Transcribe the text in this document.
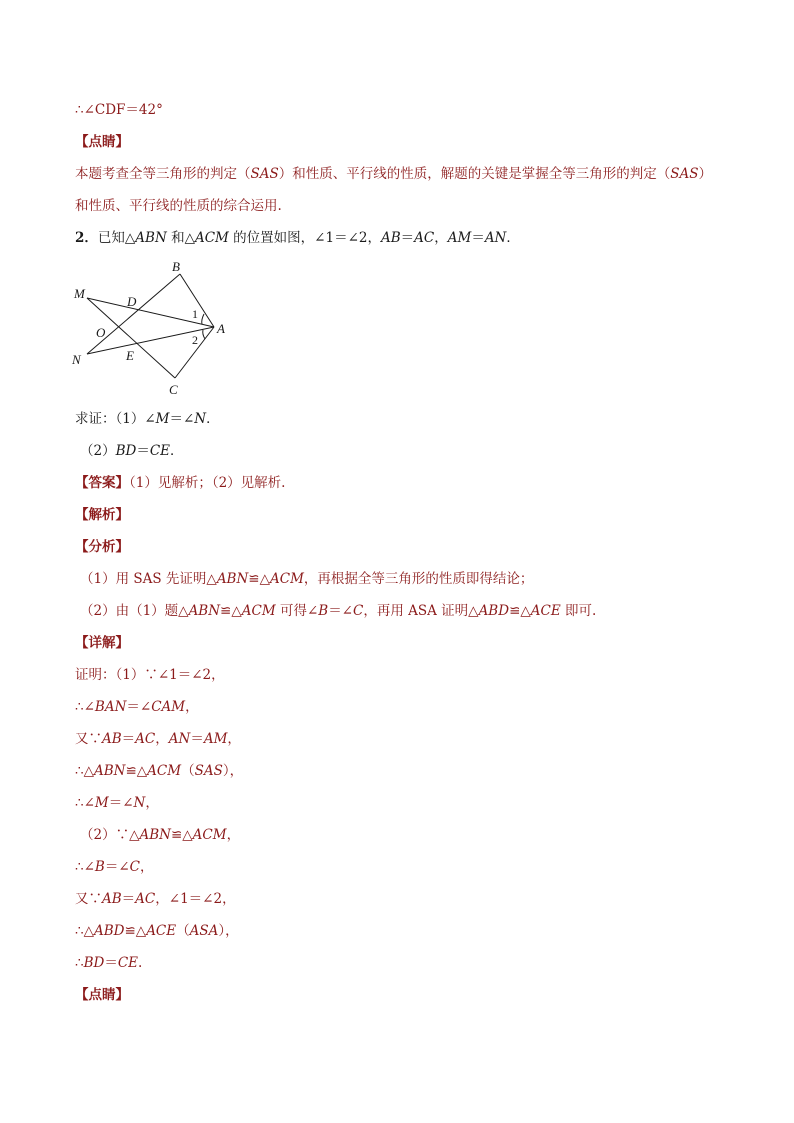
∴∠CDF＝42°
【点睛】
本题考查全等三角形的判定（SAS）和性质、平行线的性质，解题的关键是掌握全等三角形的判定（SAS）
和性质、平行线的性质的综合运用.
2．已知△ABN 和△ACM 的位置如图，∠1＝∠2，AB＝AC，AM＝AN．
B
M
D
1
A
O	2
N	E
C
求证：（1）∠M＝∠N．
（2）BD＝CE．
【答案】（1）见解析；（2）见解析.
【解析】
【分析】
（1）用 SAS 先证明△ABN≌△ACM，再根据全等三角形的性质即得结论；
（2）由（1）题△ABN≌△ACM 可得∠B＝∠C，再用 ASA 证明△ABD≌△ACE 即可.
【详解】
证明：（1）∵∠1＝∠2，
∴∠BAN＝∠CAM，
又∵AB＝AC，AN＝AM，
∴△ABN≌△ACM（SAS），
∴∠M＝∠N，
（2）∵△ABN≌△ACM，
∴∠B＝∠C，
又∵AB＝AC，∠1＝∠2，
∴△ABD≌△ACE（ASA），
∴BD＝CE.
【点睛】
